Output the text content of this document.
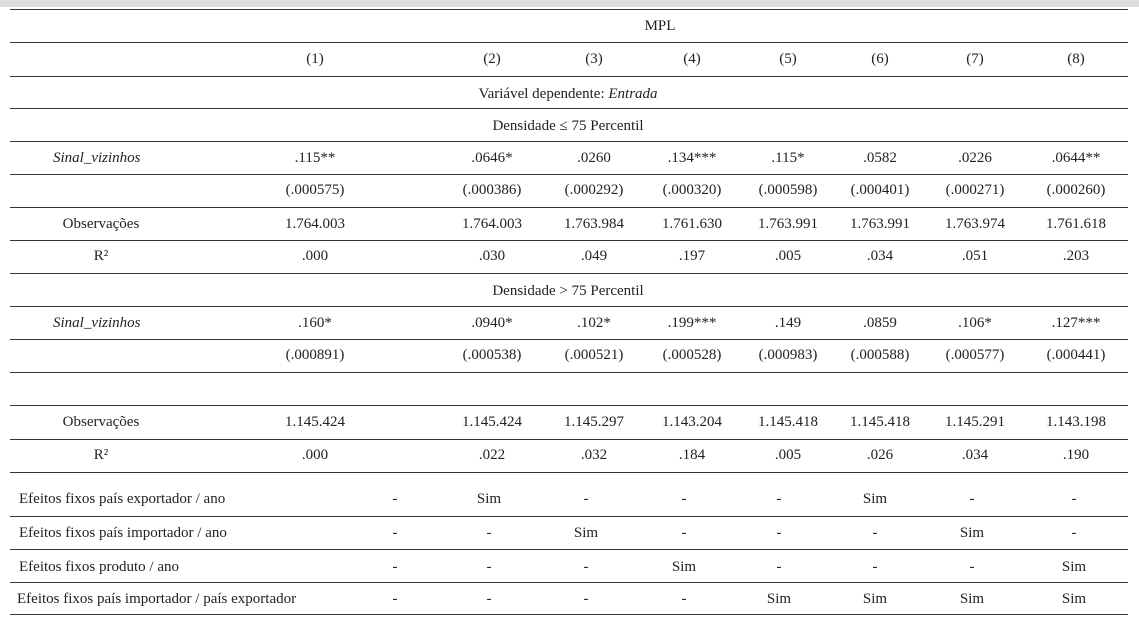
MPL
(1)	(2)	(3)	(4)	(5)	(6)	(7)	(8)
Variável dependente: Entrada
Densidade ≤ 75 Percentil
Sinal_vizinhos	.115**	.0646*	.0260	.134***	.115*	.0582	.0226	.0644**
(.000575)	(.000386)	(.000292)	(.000320)	(.000598)	(.000401)	(.000271)	(.000260)
Observações	1.764.003	1.764.003	1.763.984	1.761.630	1.763.991	1.763.991	1.763.974	1.761.618
R²	.000	.030	.049	.197	.005	.034	.051	.203
Densidade > 75 Percentil
Sinal_vizinhos	.160*	.0940*	.102*	.199***	.149	.0859	.106*	.127***
(.000891)	(.000538)	(.000521)	(.000528)	(.000983)	(.000588)	(.000577)	(.000441)
Observações	1.145.424	1.145.424	1.145.297	1.143.204	1.145.418	1.145.418	1.145.291	1.143.198
R²	.000	.022	.032	.184	.005	.026	.034	.190
Efeitos fixos país exportador / ano	-	Sim	-	-	-	Sim	-	-
Efeitos fixos país importador / ano	-	-	Sim	-	-	-	Sim	-
Efeitos fixos produto / ano	-	-	-	Sim	-	-	-	Sim
Efeitos fixos país importador / país exportador	-	-	-	-	Sim	Sim	Sim	Sim
